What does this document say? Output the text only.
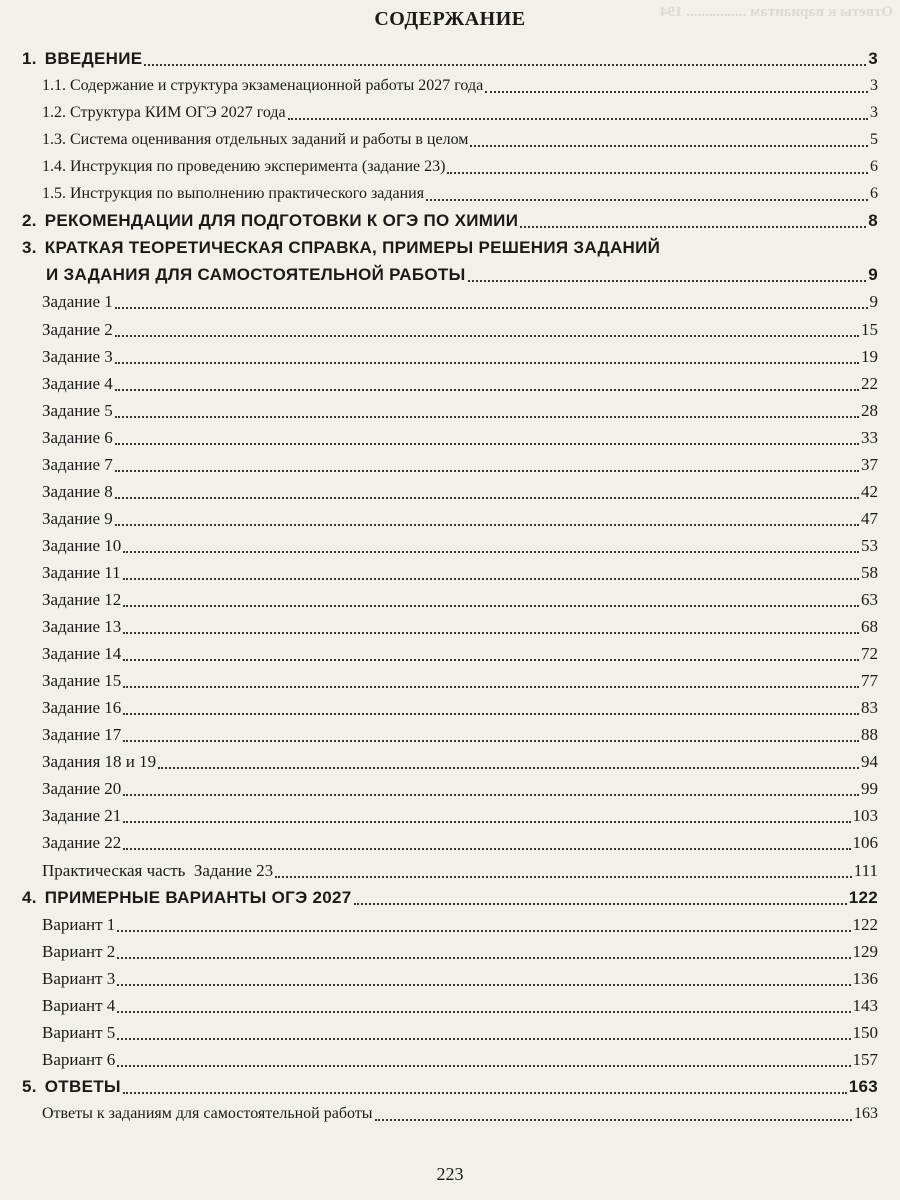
Ответы к вариантам ................ 194
СОДЕРЖАНИЕ
1. ВВЕДЕНИЕ	3
1.1. Содержание и структура экзаменационной работы 2027 года	3
1.2. Структура КИМ ОГЭ 2027 года	3
1.3. Система оценивания отдельных заданий и работы в целом	5
1.4. Инструкция по проведению эксперимента (задание 23)	6
1.5. Инструкция по выполнению практического задания	6
2. РЕКОМЕНДАЦИИ ДЛЯ ПОДГОТОВКИ К ОГЭ ПО ХИМИИ	8
3. КРАТКАЯ ТЕОРЕТИЧЕСКАЯ СПРАВКА, ПРИМЕРЫ РЕШЕНИЯ ЗАДАНИЙ
И ЗАДАНИЯ ДЛЯ САМОСТОЯТЕЛЬНОЙ РАБОТЫ	9
Задание 1	9
Задание 2	15
Задание 3	19
Задание 4	22
Задание 5	28
Задание 6	33
Задание 7	37
Задание 8	42
Задание 9	47
Задание 10	53
Задание 11	58
Задание 12	63
Задание 13	68
Задание 14	72
Задание 15	77
Задание 16	83
Задание 17	88
Задания 18 и 19	94
Задание 20	99
Задание 21	103
Задание 22	106
Практическая часть  Задание 23	111
4. ПРИМЕРНЫЕ ВАРИАНТЫ ОГЭ 2027	122
Вариант 1	122
Вариант 2	129
Вариант 3	136
Вариант 4	143
Вариант 5	150
Вариант 6	157
5. ОТВЕТЫ	163
Ответы к заданиям для самостоятельной работы	163
223
